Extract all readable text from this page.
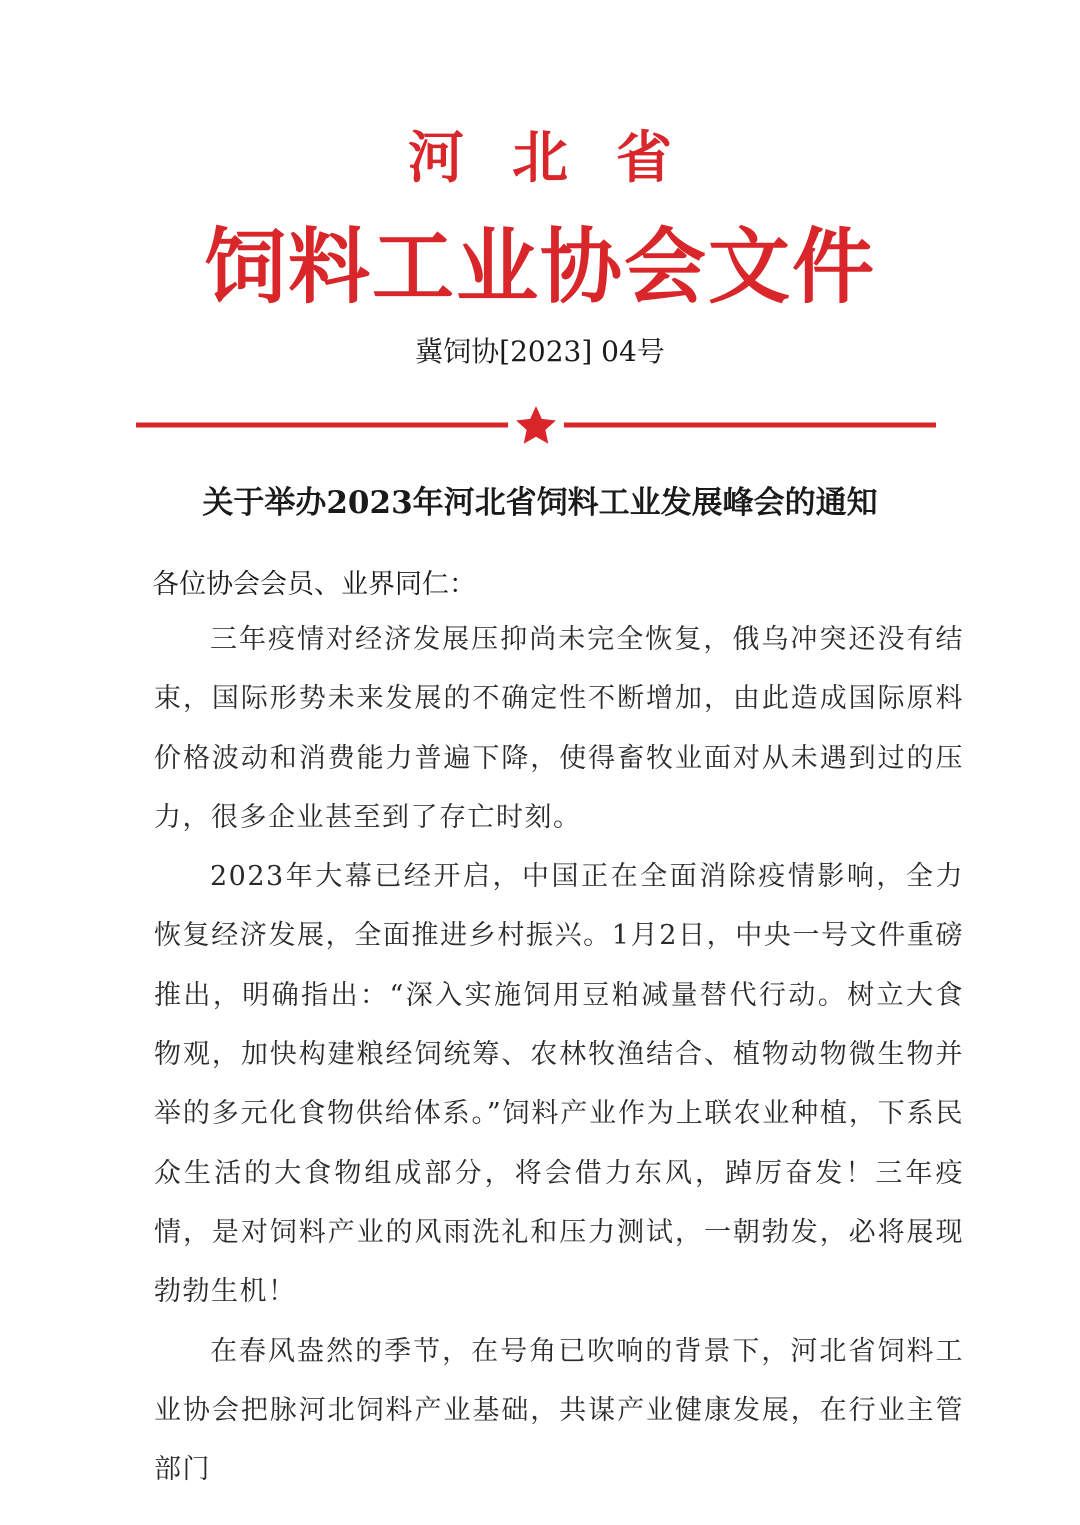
河北省
饲料工业协会文件
冀饲协[2023] 04号
关于举办2023年河北省饲料工业发展峰会的通知
各位协会会员、业界同仁：

三年疫情对经济发展压抑尚未完全恢复，俄乌冲突还没有结束，国际形势未来发展的不确定性不断增加，由此造成国际原料价格波动和消费能力普遍下降，使得畜牧业面对从未遇到过的压力，很多企业甚至到了存亡时刻。

2023年大幕已经开启，中国正在全面消除疫情影响，全力恢复经济发展，全面推进乡村振兴。1月2日，中央一号文件重磅推出，明确指出：“深入实施饲用豆粕减量替代行动。树立大食物观，加快构建粮经饲统筹、农林牧渔结合、植物动物微生物并举的多元化食物供给体系。”饲料产业作为上联农业种植，下系民众生活的大食物组成部分，将会借力东风，踔厉奋发！三年疫情，是对饲料产业的风雨洗礼和压力测试，一朝勃发，必将展现勃勃生机！

在春风盎然的季节，在号角已吹响的背景下，河北省饲料工业协会把脉河北饲料产业基础，共谋产业健康发展，在行业主管部门
